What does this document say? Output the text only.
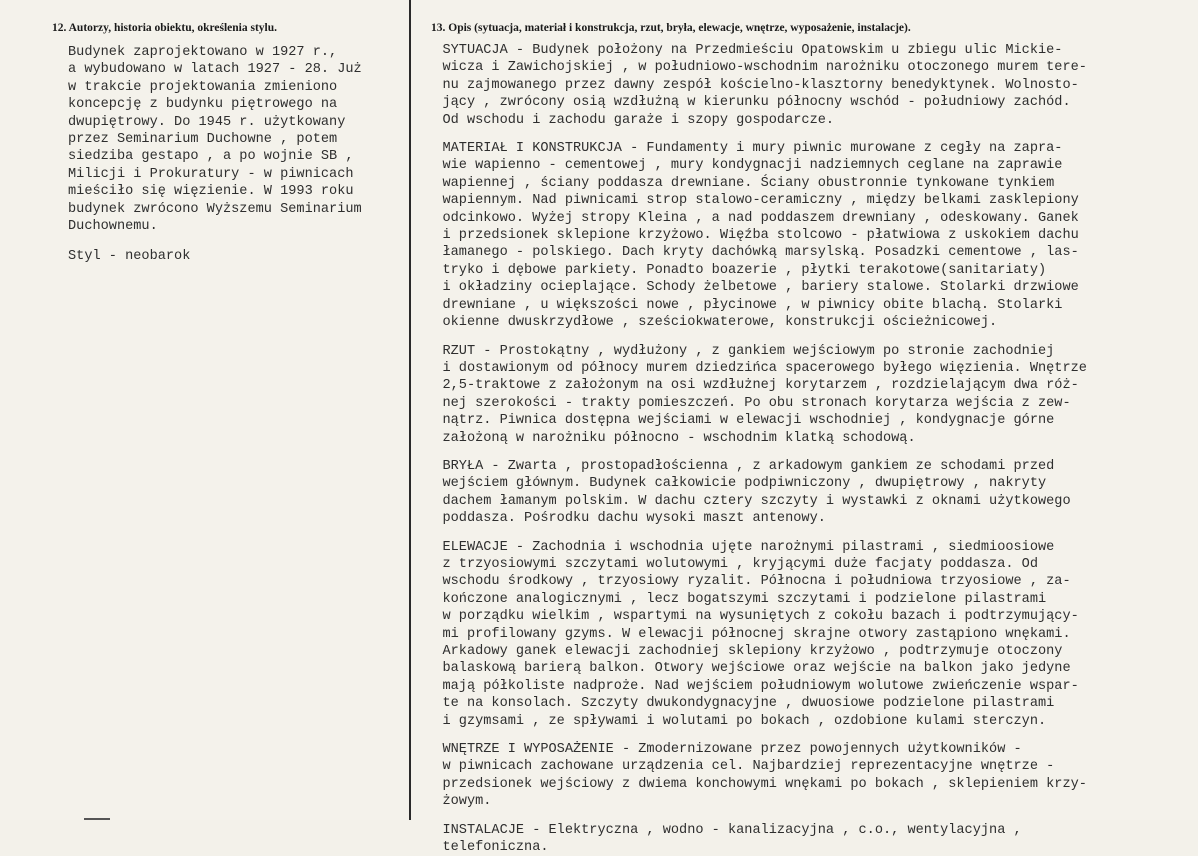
12. Autorzy, historia obiektu, określenia stylu.	13. Opis (sytuacja, materiał i konstrukcja, rzut, bryła, elewacje, wnętrze, wyposażenie, instalacje).
Budynek zaprojektowano w 1927 r.,
a wybudowano w latach 1927 - 28. Już
w trakcie projektowania zmieniono
koncepcję z budynku piętrowego na
dwupiętrowy. Do 1945 r. użytkowany
przez Seminarium Duchowne , potem
siedziba gestapo , a po wojnie SB ,
Milicji i Prokuratury - w piwnicach
mieściło się więzienie. W 1993 roku
budynek zwrócono Wyższemu Seminarium
Duchownemu.
Styl - neobarok
SYTUACJA - Budynek położony na Przedmieściu Opatowskim u zbiegu ulic Mickie-
wicza i Zawichojskiej , w południowo-wschodnim narożniku otoczonego murem tere-
nu zajmowanego przez dawny zespół kościelno-klasztorny benedyktynek. Wolnosto-
jący , zwrócony osią wzdłużną w kierunku północny wschód - południowy zachód.
Od wschodu i zachodu garaże i szopy gospodarcze.
MATERIAŁ I KONSTRUKCJA - Fundamenty i mury piwnic murowane z cegły na zapra-
wie wapienno - cementowej , mury kondygnacji nadziemnych ceglane na zaprawie
wapiennej , ściany poddasza drewniane. Ściany obustronnie tynkowane tynkiem
wapiennym. Nad piwnicami strop stalowo-ceramiczny , między belkami zasklepiony
odcinkowo. Wyżej stropy Kleina , a nad poddaszem drewniany , odeskowany. Ganek
i przedsionek sklepione krzyżowo. Więźba stolcowo - płatwiowa z uskokiem dachu
łamanego - polskiego. Dach kryty dachówką marsylską. Posadzki cementowe , las-
tryko i dębowe parkiety. Ponadto boazerie , płytki terakotowe(sanitariaty)
i okładziny ocieplające. Schody żelbetowe , bariery stalowe. Stolarki drzwiowe
drewniane , u większości nowe , płycinowe , w piwnicy obite blachą. Stolarki
okienne dwuskrzydłowe , sześciokwaterowe, konstrukcji ościeżnicowej.
RZUT - Prostokątny , wydłużony , z gankiem wejściowym po stronie zachodniej
i dostawionym od północy murem dziedzińca spacerowego byłego więzienia. Wnętrze
2,5-traktowe z założonym na osi wzdłużnej korytarzem , rozdzielającym dwa róż-
nej szerokości - trakty pomieszczeń. Po obu stronach korytarza wejścia z zew-
nątrz. Piwnica dostępna wejściami w elewacji wschodniej , kondygnacje górne
założoną w narożniku północno - wschodnim klatką schodową.
BRYŁA - Zwarta , prostopadłościenna , z arkadowym gankiem ze schodami przed
wejściem głównym. Budynek całkowicie podpiwniczony , dwupiętrowy , nakryty
dachem łamanym polskim. W dachu cztery szczyty i wystawki z oknami użytkowego
poddasza. Pośrodku dachu wysoki maszt antenowy.
ELEWACJE - Zachodnia i wschodnia ujęte narożnymi pilastrami , siedmioosiowe
z trzyosiowymi szczytami wolutowymi , kryjącymi duże facjaty poddasza. Od
wschodu środkowy , trzyosiowy ryzalit. Północna i południowa trzyosiowe , za-
kończone analogicznymi , lecz bogatszymi szczytami i podzielone pilastrami
w porządku wielkim , wspartymi na wysuniętych z cokołu bazach i podtrzymujący-
mi profilowany gzyms. W elewacji północnej skrajne otwory zastąpiono wnękami.
Arkadowy ganek elewacji zachodniej sklepiony krzyżowo , podtrzymuje otoczony
balaskową barierą balkon. Otwory wejściowe oraz wejście na balkon jako jedyne
mają półkoliste nadproże. Nad wejściem południowym wolutowe zwieńczenie wspar-
te na konsolach. Szczyty dwukondygnacyjne , dwuosiowe podzielone pilastrami
i gzymsami , ze spływami i wolutami po bokach , ozdobione kulami sterczyn.
WNĘTRZE I WYPOSAŻENIE - Zmodernizowane przez powojennych użytkowników -
w piwnicach zachowane urządzenia cel. Najbardziej reprezentacyjne wnętrze -
przedsionek wejściowy z dwiema konchowymi wnękami po bokach , sklepieniem krzy-
żowym.
INSTALACJE - Elektryczna , wodno - kanalizacyjna , c.o., wentylacyjna ,
telefoniczna.
